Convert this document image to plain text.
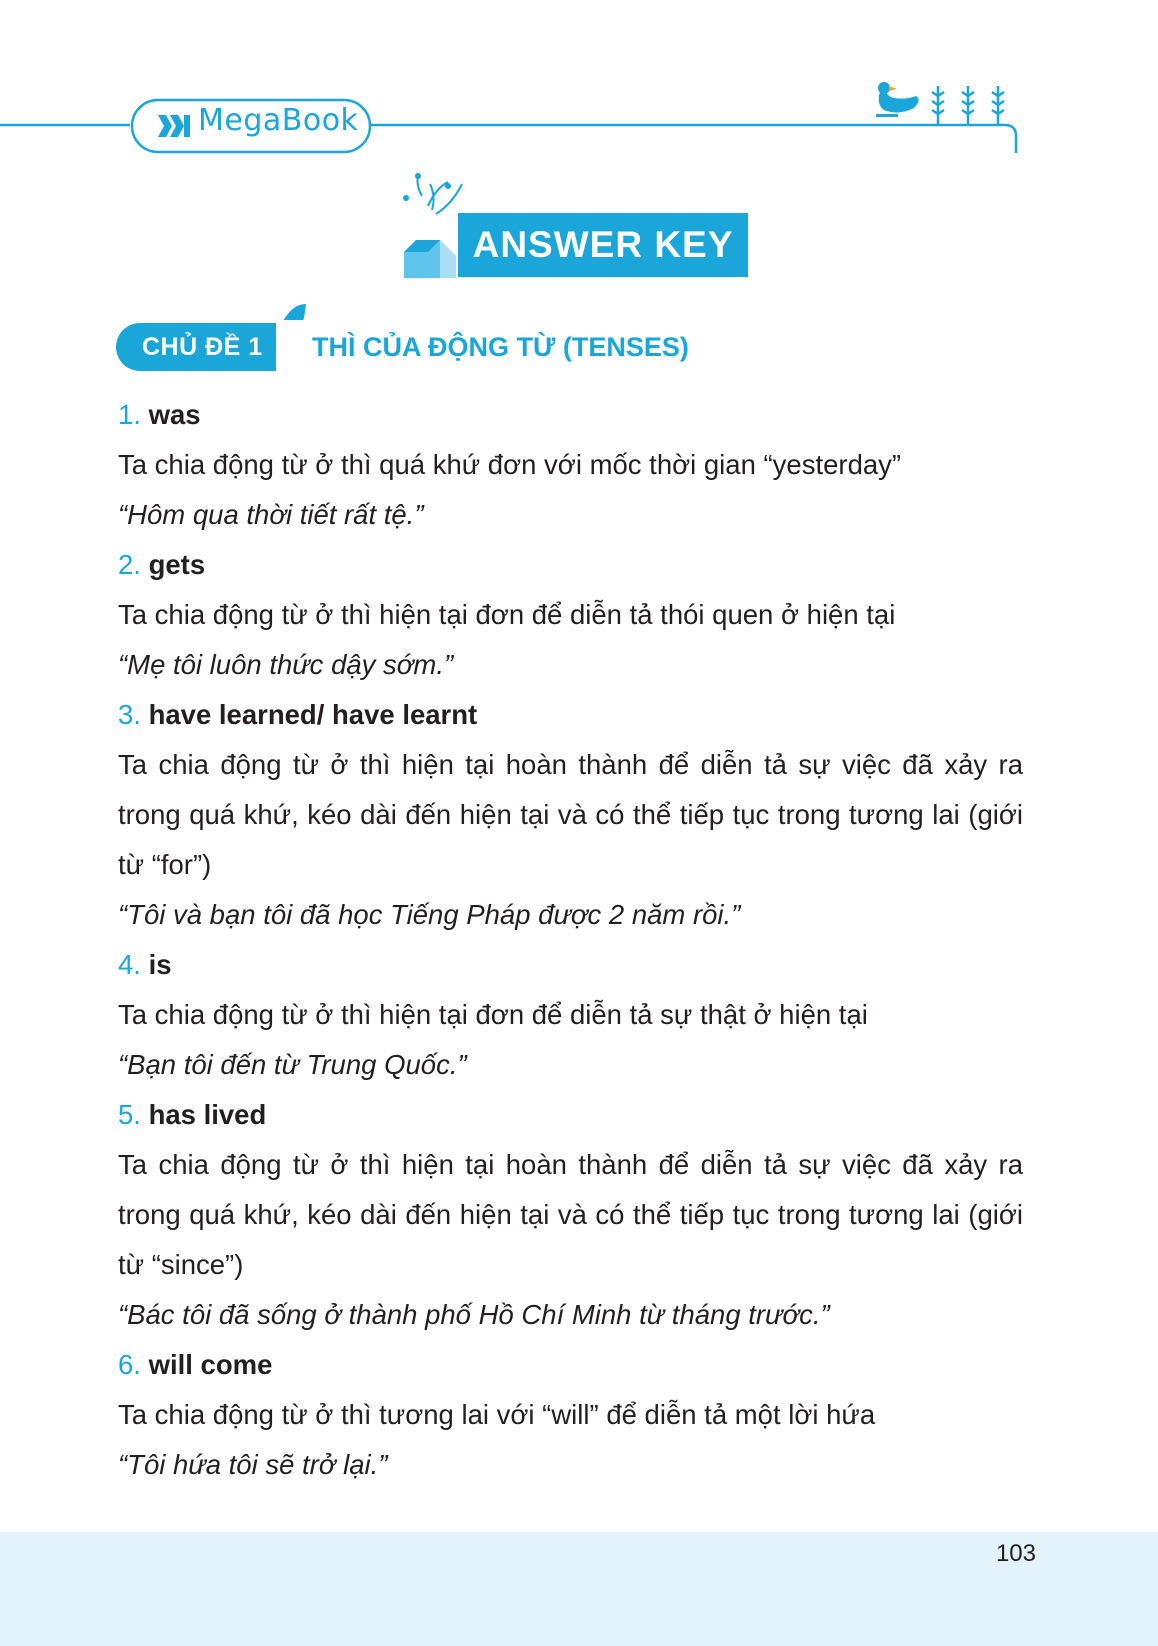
MegaBook
ANSWER KEY
CHỦ ĐỀ 1	THÌ CỦA ĐỘNG TỪ (TENSES)
1. was
Ta chia động từ ở thì quá khứ đơn với mốc thời gian “yesterday”
“Hôm qua thời tiết rất tệ.”
2. gets
Ta chia động từ ở thì hiện tại đơn để diễn tả thói quen ở hiện tại
“Mẹ tôi luôn thức dậy sớm.”
3. have learned/ have learnt
Ta chia động từ ở thì hiện tại hoàn thành để diễn tả sự việc đã xảy ra
trong quá khứ, kéo dài đến hiện tại và có thể tiếp tục trong tương lai (giới
từ “for”)
“Tôi và bạn tôi đã học Tiếng Pháp được 2 năm rồi.”
4. is
Ta chia động từ ở thì hiện tại đơn để diễn tả sự thật ở hiện tại
“Bạn tôi đến từ Trung Quốc.”
5. has lived
Ta chia động từ ở thì hiện tại hoàn thành để diễn tả sự việc đã xảy ra
trong quá khứ, kéo dài đến hiện tại và có thể tiếp tục trong tương lai (giới
từ “since”)
“Bác tôi đã sống ở thành phố Hồ Chí Minh từ tháng trước.”
6. will come
Ta chia động từ ở thì tương lai với “will” để diễn tả một lời hứa
“Tôi hứa tôi sẽ trở lại.”
103
